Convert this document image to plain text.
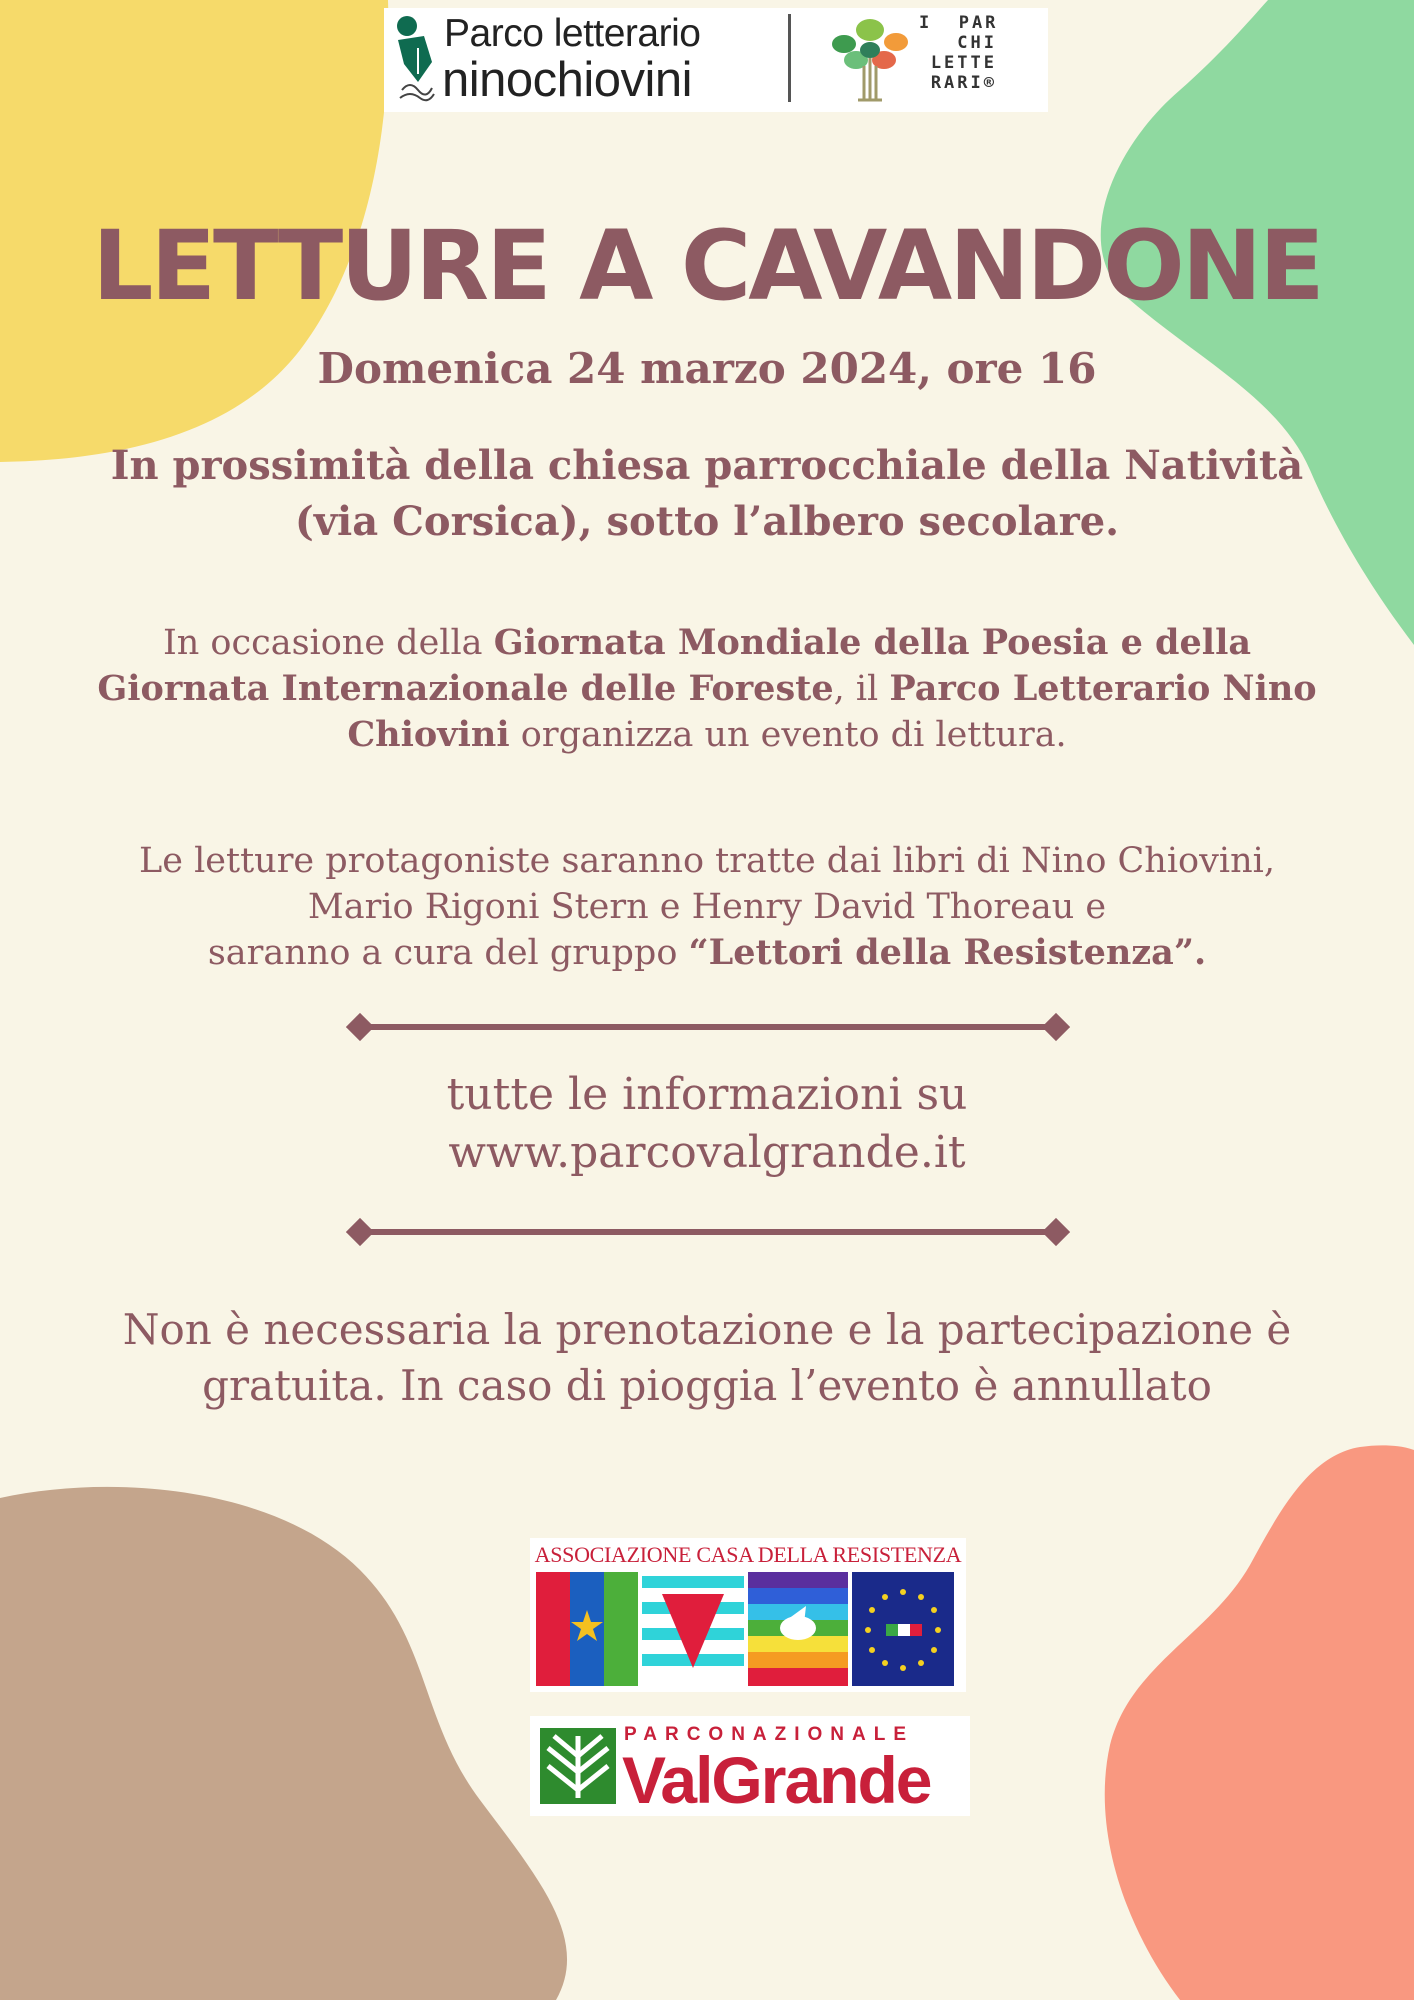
Parco letterario
ninochiovini
I  PAR
CHI
LETTE
RARI®
LETTURE A CAVANDONE
Domenica 24 marzo 2024, ore 16
In prossimità della chiesa parrocchiale della Natività
(via Corsica), sotto l’albero secolare.
In occasione della Giornata Mondiale della Poesia e della Giornata Internazionale delle Foreste, il Parco Letterario Nino Chiovini organizza un evento di lettura.
Le letture protagoniste saranno tratte dai libri di Nino Chiovini,
Mario Rigoni Stern e Henry David Thoreau e
saranno a cura del gruppo “Lettori della Resistenza”.
tutte le informazioni su
www.parcovalgrande.it
Non è necessaria la prenotazione e la partecipazione è
gratuita. In caso di pioggia l’evento è annullato
ASSOCIAZIONE CASA DELLA RESISTENZA
PARCONAZIONALE
ValGrande
